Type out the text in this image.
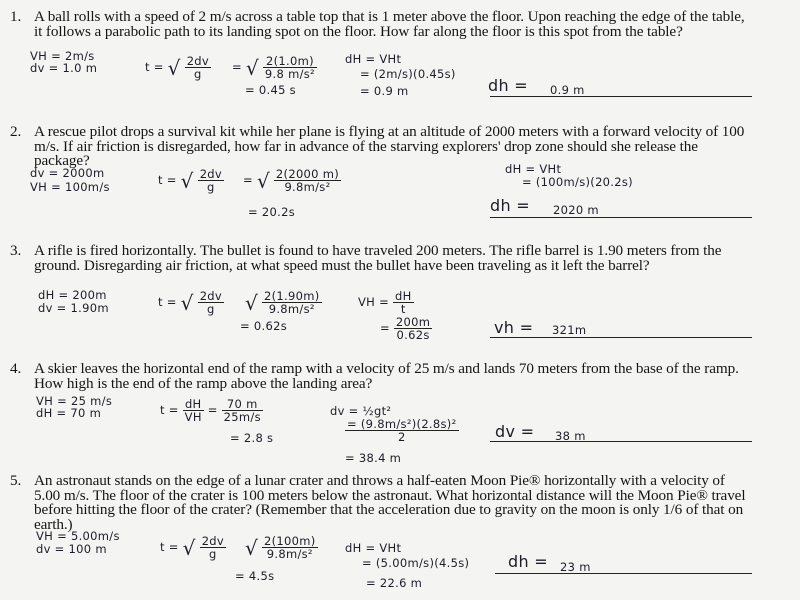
1. A ball rolls with a speed of 2 m/s across a table top that is 1 meter above the floor. Upon reaching the edge of the table, it follows a parabolic path to its landing spot on the floor. How far along the floor is this spot from the table?
VH = 2m/s
dv = 1.0 m	t = √ $\frac{2dv}{g}$ = √ $\frac{2(1.0m)}{\text{9.8 m/s²}}$
= 0.45 s
dH = VHt
= (2m/s)(0.45s)
= 0.9 m	dh = 0.9 m
2. A rescue pilot drops a survival kit while her plane is flying at an altitude of 2000 meters with a forward velocity of 100 m/s. If air friction is disregarded, how far in advance of the starving explorers' drop zone should she release the package?
dv = 2000m
VH = 100m/s	t = √ $\frac{2dv}{g}$ = √ $\frac{2(2000 m)}{\text{9.8m/s²}}$
= 20.2s
dH = VHt
= (100m/s)(20.2s)
dh = 2020 m
3. A rifle is fired horizontally. The bullet is found to have traveled 200 meters. The rifle barrel is 1.90 meters from the ground. Disregarding air friction, at what speed must the bullet have been traveling as it left the barrel?
dH = 200m
dv = 1.90m	t = √ $\frac{2dv}{g}$ √ $\frac{2(1.90m)}{\text{9.8m/s²}}$
= 0.62s
VH = $\frac{dH}{t}$
= $\frac{200m}{0.62s}$	vh = 321m
4. A skier leaves the horizontal end of the ramp with a velocity of 25 m/s and lands 70 meters from the base of the ramp. How high is the end of the ramp above the landing area?
VH = 25 m/s
dH = 70 m	$t = \frac{dH}{VH} = \frac{70 m}{25m/s}$
= 2.8 s
dv = ½gt²
$\frac{\text{= (9.8m/s²)(2.8s)²}}{2}$
= 38.4 m
dv = 38 m
5. An astronaut stands on the edge of a lunar crater and throws a half-eaten Moon Pie® horizontally with a velocity of 5.00 m/s. The floor of the crater is 100 meters below the astronaut. What horizontal distance will the Moon Pie® travel before hitting the floor of the crater? (Remember that the acceleration due to gravity on the moon is only 1/6 of that on earth.)
VH = 5.00m/s
dv = 100 m	t = √ $\frac{2dv}{g}$ √ $\frac{2(100m)}{\text{9.8m/s²}}$
= 4.5s
dH = VHt
= (5.00m/s)(4.5s)
= 22.6 m
dh = 23 m
